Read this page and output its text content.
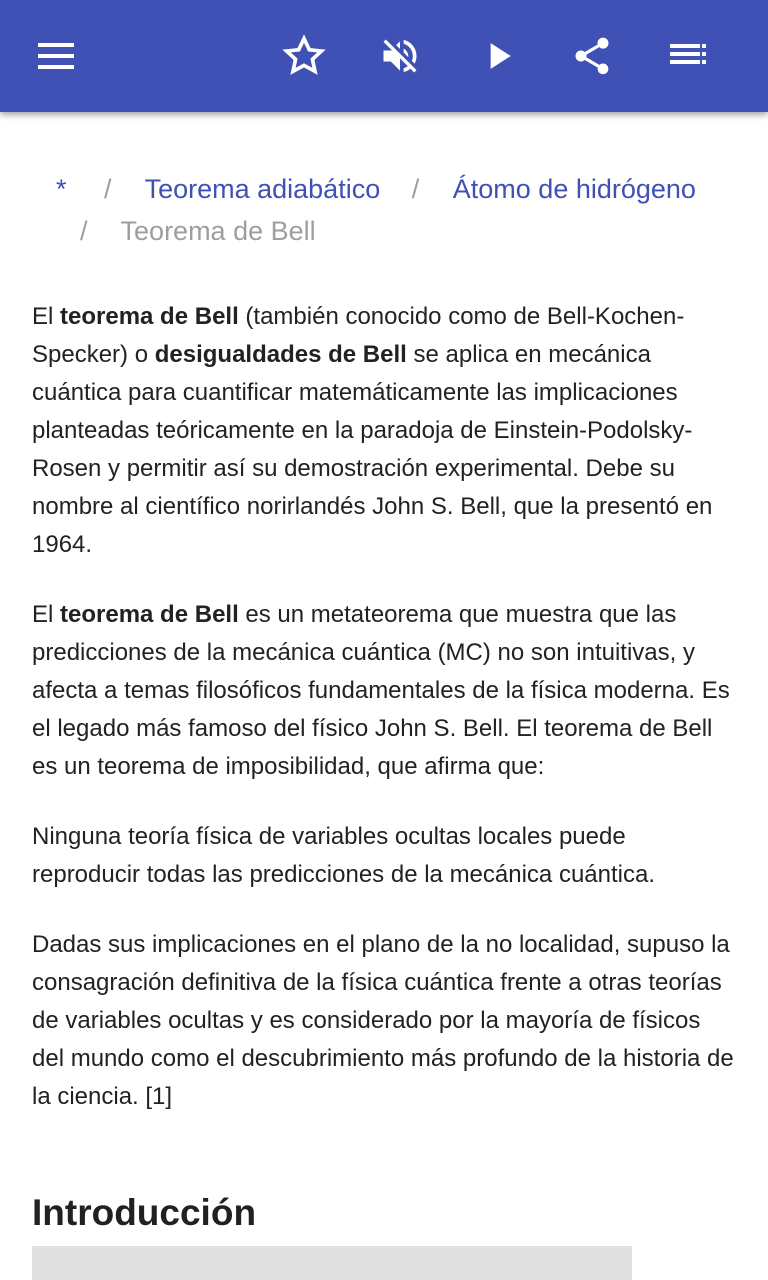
* / Teorema adiabático / Átomo de hidrógeno
/ Teorema de Bell

El teorema de Bell (también conocido como de Bell-Kochen-Specker) o desigualdades de Bell se aplica en mecánica cuántica para cuantificar matemáticamente las implicaciones planteadas teóricamente en la paradoja de Einstein-Podolsky-Rosen y permitir así su demostración experimental. Debe su nombre al científico norirlandés John S. Bell, que la presentó en 1964.

El teorema de Bell es un metateorema que muestra que las predicciones de la mecánica cuántica (MC) no son intuitivas, y afecta a temas filosóficos fundamentales de la física moderna. Es el legado más famoso del físico John S. Bell. El teorema de Bell es un teorema de imposibilidad, que afirma que:

Ninguna teoría física de variables ocultas locales puede reproducir todas las predicciones de la mecánica cuántica.

Dadas sus implicaciones en el plano de la no localidad, supuso la consagración definitiva de la física cuántica frente a otras teorías de variables ocultas y es considerado por la mayoría de físicos del mundo como el descubrimiento más profundo de la historia de la ciencia. [1]

Introducción
